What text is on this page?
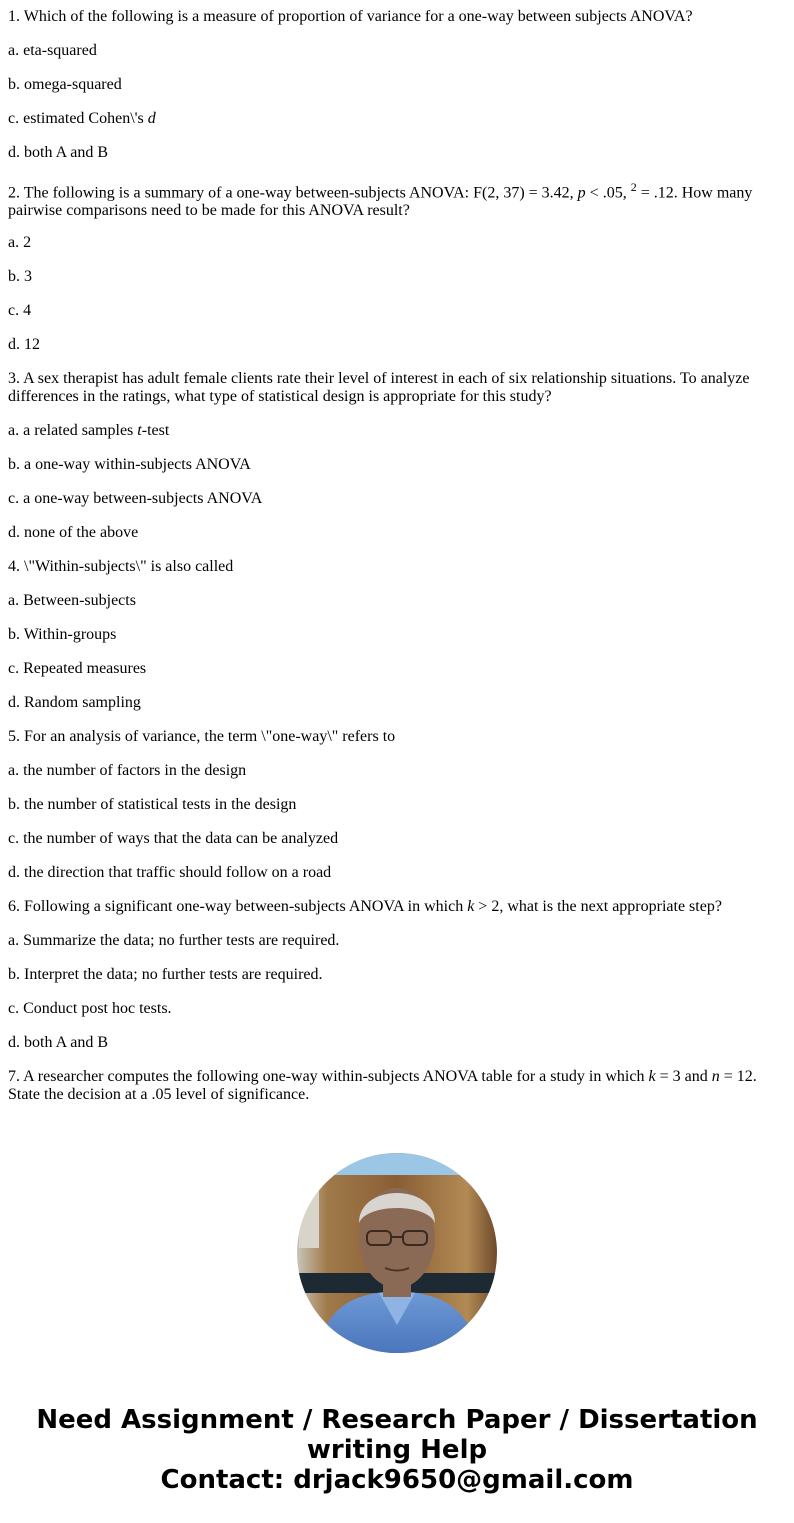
1. Which of the following is a measure of proportion of variance for a one-way between subjects ANOVA?

a. eta-squared

b. omega-squared

c. estimated Cohen\'s d

d. both A and B

2. The following is a summary of a one-way between-subjects ANOVA: F(2, 37) = 3.42, p < .05, $^2$ = .12. How many pairwise comparisons need to be made for this ANOVA result?

a. 2

b. 3

c. 4

d. 12

3. A sex therapist has adult female clients rate their level of interest in each of six relationship situations. To analyze differences in the ratings, what type of statistical design is appropriate for this study?

a. a related samples t-test

b. a one-way within-subjects ANOVA

c. a one-way between-subjects ANOVA

d. none of the above

4. \"Within-subjects\" is also called

a. Between-subjects

b. Within-groups

c. Repeated measures

d. Random sampling

5. For an analysis of variance, the term \"one-way\" refers to

a. the number of factors in the design

b. the number of statistical tests in the design

c. the number of ways that the data can be analyzed

d. the direction that traffic should follow on a road

6. Following a significant one-way between-subjects ANOVA in which k > 2, what is the next appropriate step?

a. Summarize the data; no further tests are required.

b. Interpret the data; no further tests are required.

c. Conduct post hoc tests.

d. both A and B

7. A researcher computes the following one-way within-subjects ANOVA table for a study in which k = 3 and n = 12. State the decision at a .05 level of significance.

Need Assignment / Research Paper / Dissertation
writing Help
Contact: drjack9650@gmail.com
